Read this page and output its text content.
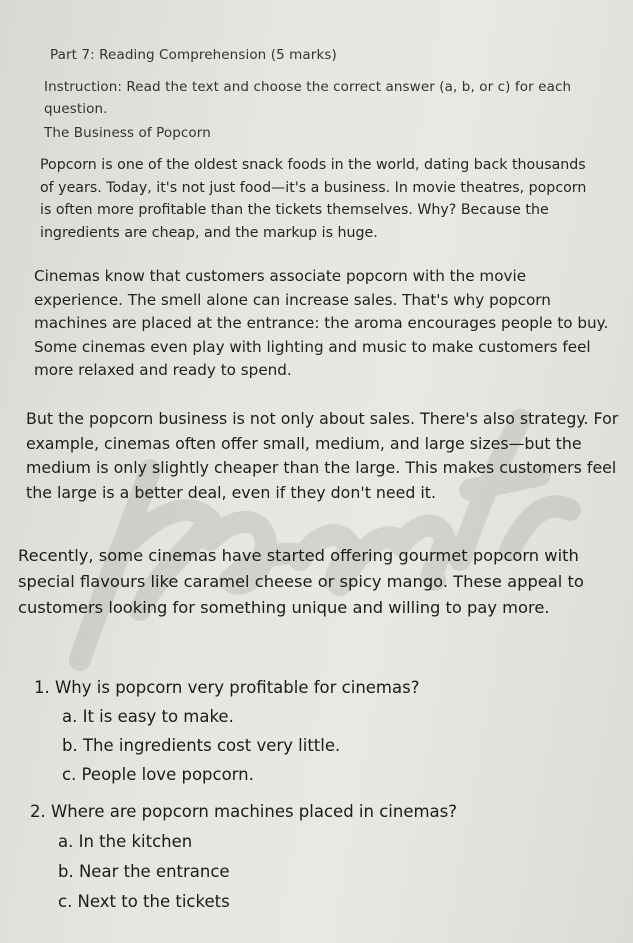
Part 7: Reading Comprehension (5 marks)
Instruction: Read the text and choose the correct answer (a, b, or c) for each question.
The Business of Popcorn

Popcorn is one of the oldest snack foods in the world, dating back thousands of years. Today, it's not just food—it's a business. In movie theatres, popcorn is often more profitable than the tickets themselves. Why? Because the ingredients are cheap, and the markup is huge.

Cinemas know that customers associate popcorn with the movie experience. The smell alone can increase sales. That's why popcorn machines are placed at the entrance: the aroma encourages people to buy. Some cinemas even play with lighting and music to make customers feel more relaxed and ready to spend.

But the popcorn business is not only about sales. There's also strategy. For example, cinemas often offer small, medium, and large sizes—but the medium is only slightly cheaper than the large. This makes customers feel the large is a better deal, even if they don't need it.

Recently, some cinemas have started offering gourmet popcorn with special flavours like caramel cheese or spicy mango. These appeal to customers looking for something unique and willing to pay more.

1. Why is popcorn very profitable for cinemas?
a. It is easy to make.
b. The ingredients cost very little.
c. People love popcorn.
2. Where are popcorn machines placed in cinemas?
a. In the kitchen
b. Near the entrance
c. Next to the tickets
